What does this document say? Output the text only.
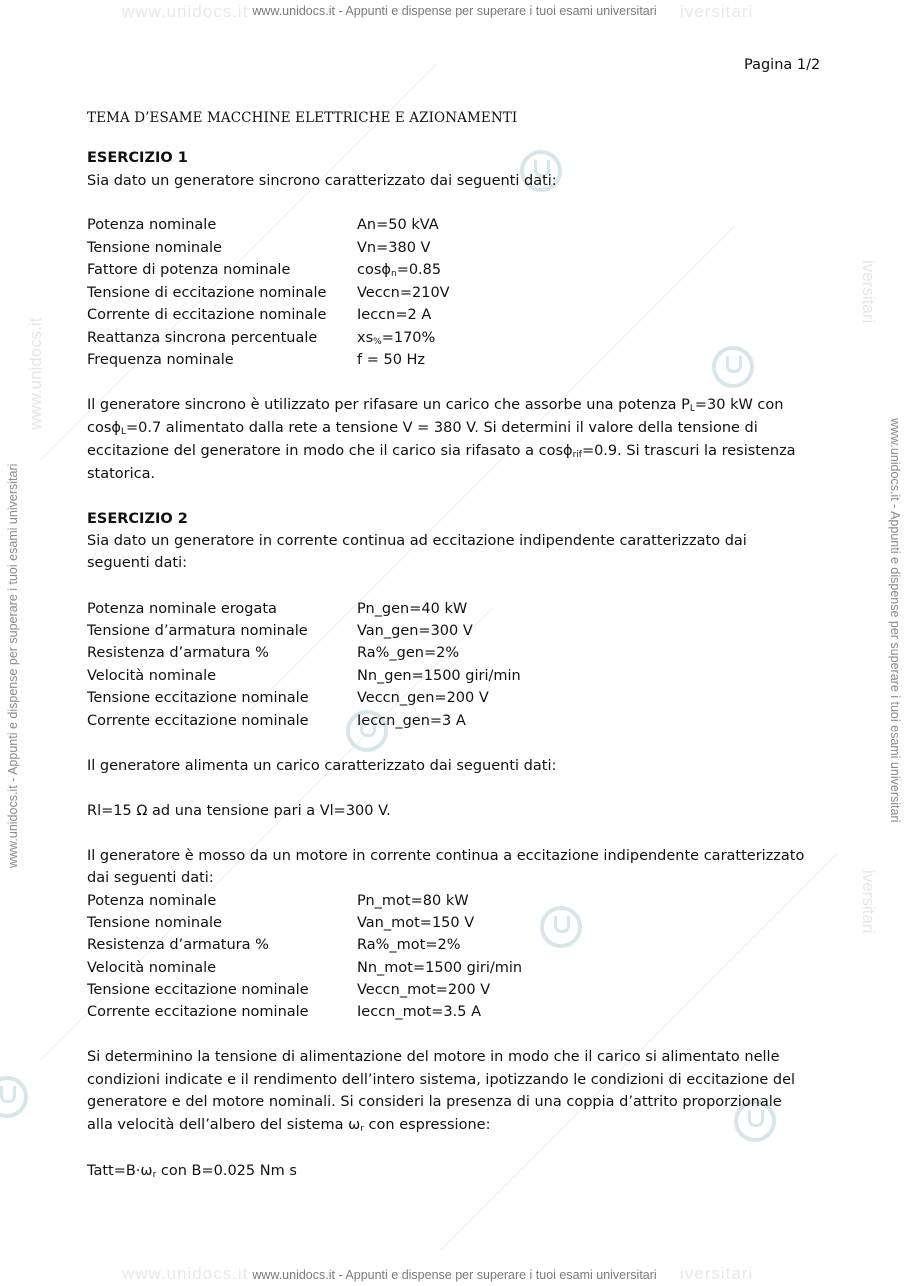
www.unidocs.it	iversitari
www.unidocs.it	iversitari
www.unidocs.it
iversitari
iversitari
www.unidocs.it - Appunti e dispense per superare i tuoi esami universitari
www.unidocs.it - Appunti e dispense per superare i tuoi esami universitari
www.unidocs.it - Appunti e dispense per superare i tuoi esami universitari	www.unidocs.it - Appunti e dispense per superare i tuoi esami universitari
Pagina 1/2
TEMA D’ESAME MACCHINE ELETTRICHE E AZIONAMENTI
ESERCIZIO 1
Sia dato un generatore sincrono caratterizzato dai seguenti dati:
Potenza nominale	An=50 kVA
Tensione nominale	Vn=380 V
Fattore di potenza nominale	cosϕ$_n$=0.85
Tensione di eccitazione nominale Veccn=210V
Corrente di eccitazione nominale Ieccn=2 A
Reattanza sincrona percentuale	$xs_{\%}=170\%$
Frequenza nominale	f = 50 Hz
Il generatore sincrono è utilizzato per rifasare un carico che assorbe una potenza $P_L=30$ kW con
cosϕ$_L$=0.7 alimentato dalla rete a tensione V = 380 V. Si determini il valore della tensione di
eccitazione del generatore in modo che il carico sia rifasato a cosϕ$_{rif}$=0.9. Si trascuri la resistenza
statorica.
ESERCIZIO 2
Sia dato un generatore in corrente continua ad eccitazione indipendente caratterizzato dai
seguenti dati:
Potenza nominale erogata	Pn_gen=40 kW
Tensione d’armatura nominale	Van_gen=300 V
Resistenza d’armatura %	Ra%_gen=2%
Velocità nominale	Nn_gen=1500 giri/min
Tensione eccitazione nominale	Veccn_gen=200 V
Corrente eccitazione nominale	Ieccn_gen=3 A
Il generatore alimenta un carico caratterizzato dai seguenti dati:
Rl=15 Ω ad una tensione pari a Vl=300 V.
Il generatore è mosso da un motore in corrente continua a eccitazione indipendente caratterizzato
dai seguenti dati:
Potenza nominale	Pn_mot=80 kW
Tensione nominale	Van_mot=150 V
Resistenza d’armatura %	Ra%_mot=2%
Velocità nominale	Nn_mot=1500 giri/min
Tensione eccitazione nominale	Veccn_mot=200 V
Corrente eccitazione nominale	Ieccn_mot=3.5 A
Si determinino la tensione di alimentazione del motore in modo che il carico si alimentato nelle
condizioni indicate e il rendimento dell’intero sistema, ipotizzando le condizioni di eccitazione del
generatore e del motore nominali. Si consideri la presenza di una coppia d’attrito proporzionale
alla velocità dell’albero del sistema $\omega_r$ con espressione:
$Tatt=B\cdot\omega_r$ con B=0.025 Nm s
